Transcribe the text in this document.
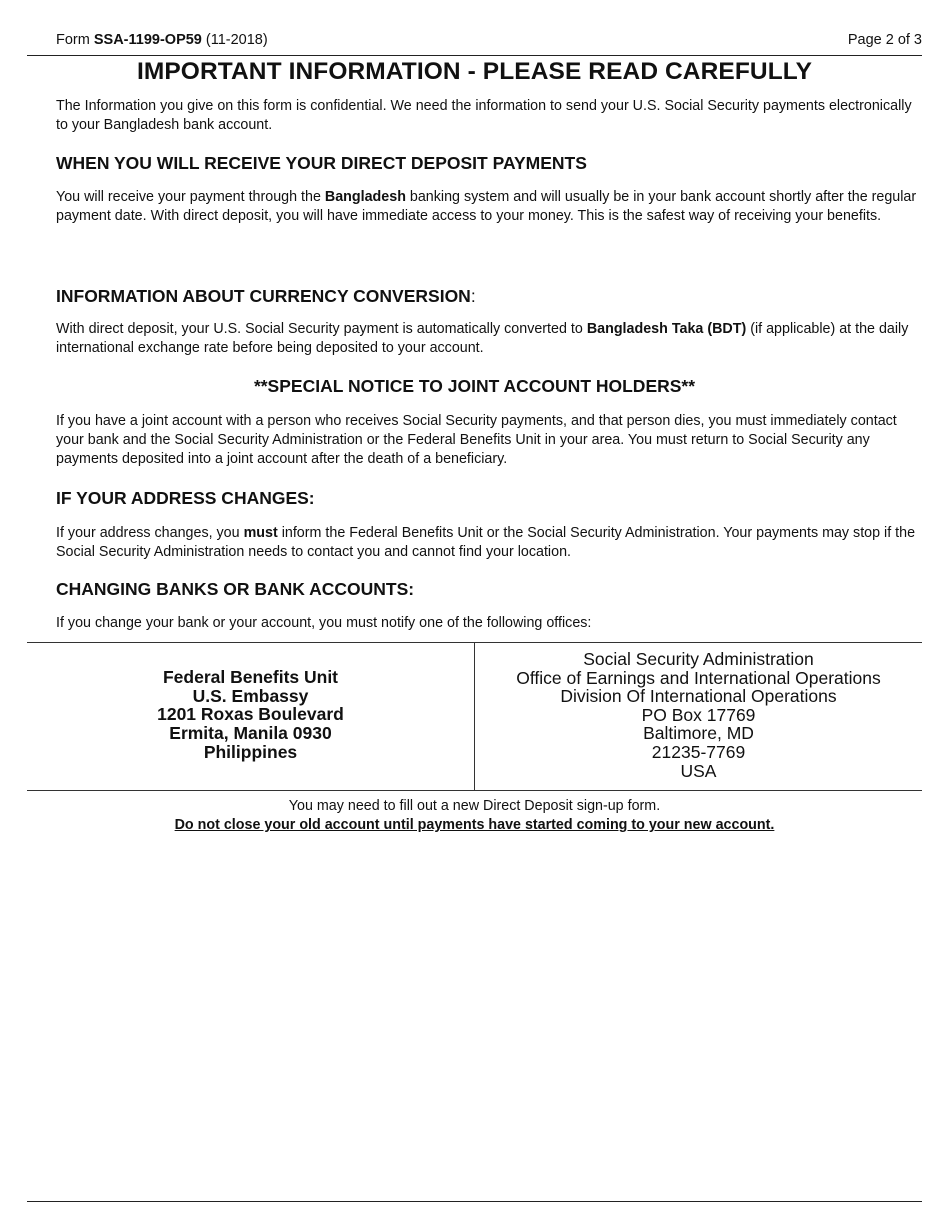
Form SSA-1199-OP59 (11-2018)	Page 2 of 3
IMPORTANT INFORMATION - PLEASE READ CAREFULLY
The Information you give on this form is confidential. We need the information to send your U.S. Social Security payments electronically to your Bangladesh bank account.
WHEN YOU WILL RECEIVE YOUR DIRECT DEPOSIT PAYMENTS
You will receive your payment through the Bangladesh banking system and will usually be in your bank account shortly after the regular payment date. With direct deposit, you will have immediate access to your money. This is the safest way of receiving your benefits.
INFORMATION ABOUT CURRENCY CONVERSION:
With direct deposit, your U.S. Social Security payment is automatically converted to Bangladesh Taka (BDT) (if applicable) at the daily international exchange rate before being deposited to your account.
**SPECIAL NOTICE TO JOINT ACCOUNT HOLDERS**
If you have a joint account with a person who receives Social Security payments, and that person dies, you must immediately contact your bank and the Social Security Administration or the Federal Benefits Unit in your area. You must return to Social Security any payments deposited into a joint account after the death of a beneficiary.
IF YOUR ADDRESS CHANGES:
If your address changes, you must inform the Federal Benefits Unit or the Social Security Administration. Your payments may stop if the Social Security Administration needs to contact you and cannot find your location.
CHANGING BANKS OR BANK ACCOUNTS:
If you change your bank or your account, you must notify one of the following offices:
Federal Benefits Unit
U.S. Embassy
1201 Roxas Boulevard
Ermita, Manila 0930
Philippines
Social Security Administration
Office of Earnings and International Operations
Division Of International Operations
PO Box 17769
Baltimore, MD
21235-7769
USA
You may need to fill out a new Direct Deposit sign-up form.
Do not close your old account until payments have started coming to your new account.
